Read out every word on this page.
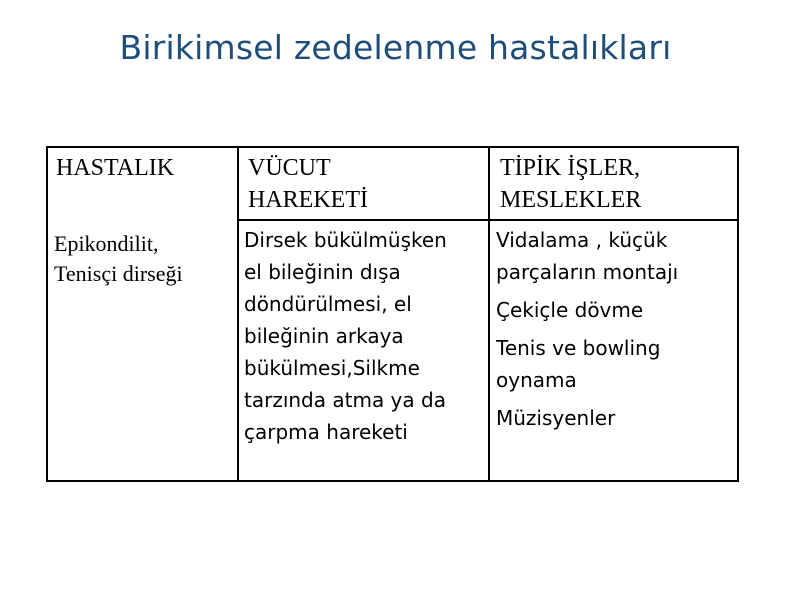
Birikimsel zedelenme hastalıkları
HASTALIK	VÜCUT
HAREKETİ
TİPİK İŞLER,
MESLEKLER
Epikondilit,
Tenisçi dirseği
Dirsek bükülmüşken
el bileğinin dışa
döndürülmesi, el
bileğinin arkaya
bükülmesi,Silkme
tarzında atma ya da
çarpma hareketi
Vidalama , küçük
parçaların montajı
Çekiçle dövme
Tenis ve bowling
oynama
Müzisyenler
